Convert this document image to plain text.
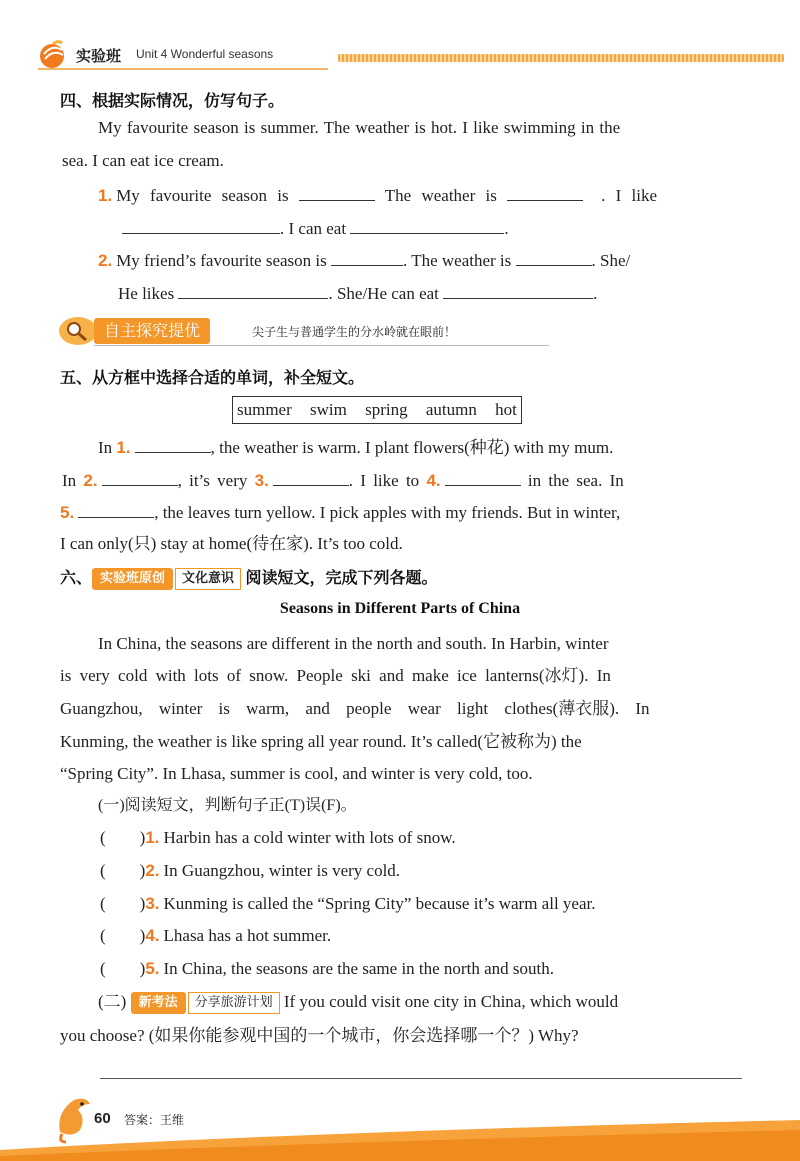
实验班 Unit 4 Wonderful seasons
四、根据实际情况，仿写句子。
My favourite season is summer. The weather is hot. I like swimming in the
sea. I can eat ice cream.
1. My favourite season is	The weather is	. I like
. I can eat	.
2. My friend’s favourite season is	. The weather is	. She/
He likes	. She/He can eat	.
自主探究提优	尖子生与普通学生的分水岭就在眼前！
五、从方框中选择合适的单词，补全短文。
summer swim spring autumn hot
In 1.	, the weather is warm. I plant flowers(种花) with my mum.
In 2.	, it’s very 3.	. I like to 4.	in the sea. In
5.	, the leaves turn yellow. I pick apples with my friends. But in winter,
I can only(只) stay at home(待在家). It’s too cold.
六、 实验班原创 文化意识 阅读短文，完成下列各题。
Seasons in Different Parts of China
In China, the seasons are different in the north and south. In Harbin, winter
is very cold with lots of snow. People ski and make ice lanterns(冰灯). In
Guangzhou, winter is warm, and people wear light clothes(薄衣服). In
Kunming, the weather is like spring all year round. It’s called(它被称为) the
“Spring City”. In Lhasa, summer is cool, and winter is very cold, too.
(一)阅读短文，判断句子正(T)误(F)。
(        )1. Harbin has a cold winter with lots of snow.
(        )2. In Guangzhou, winter is very cold.
(        )3. Kunming is called the “Spring City” because it’s warm all year.
(        )4. Lhasa has a hot summer.
(        )5. In China, the seasons are the same in the north and south.
(二) 新考法 分享旅游计划 If you could visit one city in China, which would
you choose? (如果你能参观中国的一个城市，你会选择哪一个？) Why?
60 答案：王维
